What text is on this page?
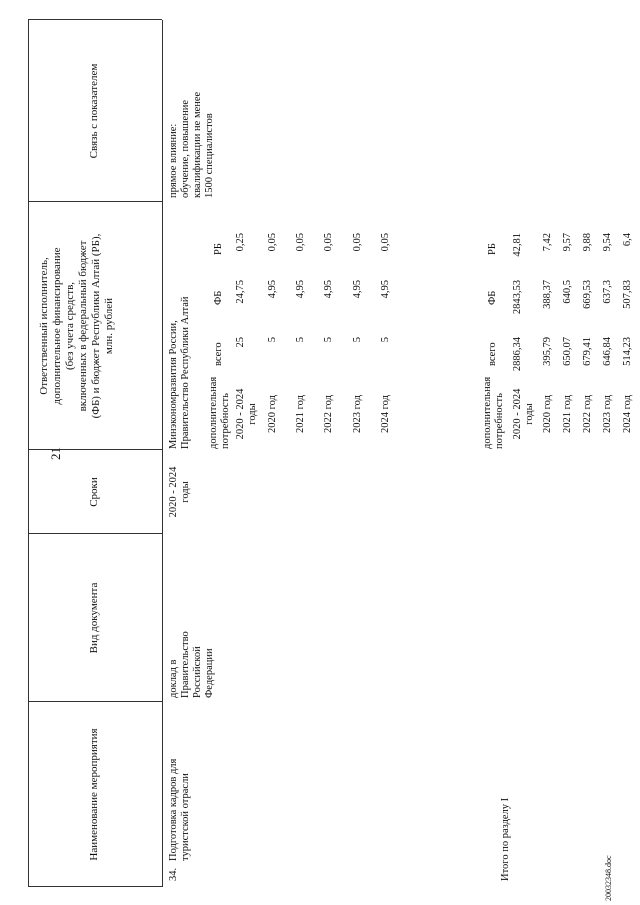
21
Наименование мероприятия
Вид документа
Сроки
Ответственный исполнитель, дополнительное финансирование (без учета средств, включенных в федеральный бюджет (ФБ) и бюджет Республики Алтай (РБ), млн. рублей
Связь с показателем
34.
Подготовка кадров для туристской отрасли
доклад в Правительство Российской Федерации
2020 - 2024 годы
Минэкономразвития России, Правительство Республики Алтай
прямое влияние: обучение, повышение квалификации не менее 1500 специалистов
дополнительная потребность
всего
ФБ
РБ
2020 - 2024 годы
25
24,75
0,25
2020 год
5
4,95
0,05
2021 год
5
4,95
0,05
2022 год
5
4,95
0,05
2023 год
5
4,95
0,05
2024 год
5
4,95
0,05
Итого по разделу I
дополнительная потребность
всего
ФБ
РБ
2020 - 2024 годы
2886,34
2843,53
42,81
2020 год
395,79
388,37
7,42
2021 год
650,07
640,5
9,57
2022 год
679,41
669,53
9,88
2023 год
646,84
637,3
9,54
2024 год
514,23
507,83
6,4
20032348.doc
